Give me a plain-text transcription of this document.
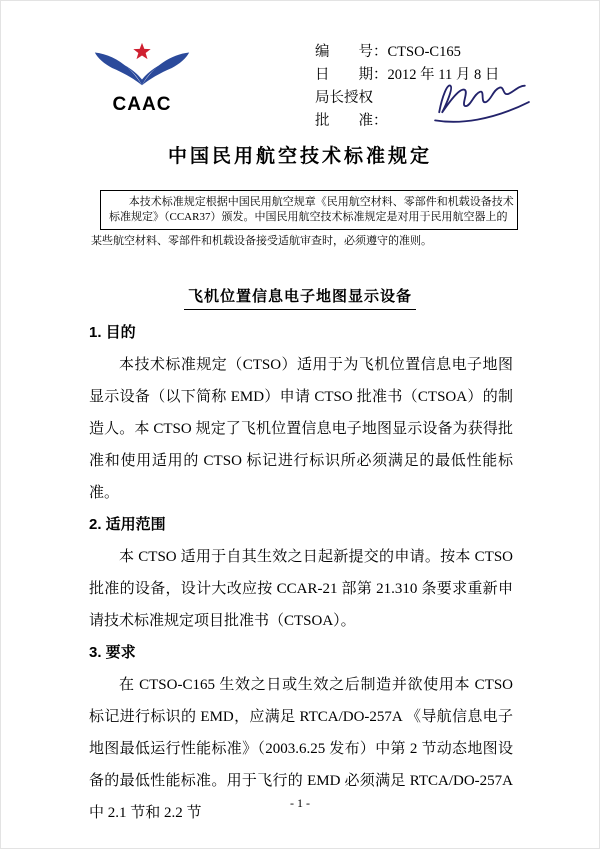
CAAC
编　　号：CTSO-C165
日　　期：2012 年 11 月 8 日
局长授权
批　　准：
中国民用航空技术标准规定
本技术标准规定根据中国民用航空规章《民用航空材料、零部件和机载设备技术
标准规定》（CCAR37）颁发。中国民用航空技术标准规定是对用于民用航空器上的
某些航空材料、零部件和机载设备接受适航审查时，必须遵守的准则。
飞机位置信息电子地图显示设备
1. 目的

本技术标准规定（CTSO）适用于为飞机位置信息电子地图显示设备（以下简称 EMD）申请 CTSO 批准书（CTSOA）的制造人。本 CTSO 规定了飞机位置信息电子地图显示设备为获得批准和使用适用的 CTSO 标记进行标识所必须满足的最低性能标准。

2. 适用范围

本 CTSO 适用于自其生效之日起新提交的申请。按本 CTSO 批准的设备，设计大改应按 CCAR-21 部第 21.310 条要求重新申请技术标准规定项目批准书（CTSOA）。

3. 要求

在 CTSO-C165 生效之日或生效之后制造并欲使用本 CTSO 标记进行标识的 EMD，应满足 RTCA/DO-257A 《导航信息电子地图最低运行性能标准》（2003.6.25 发布）中第 2 节动态地图设备的最低性能标准。用于飞行的 EMD 必须满足 RTCA/DO-257A 中 2.1 节和 2.2 节

- 1 -
